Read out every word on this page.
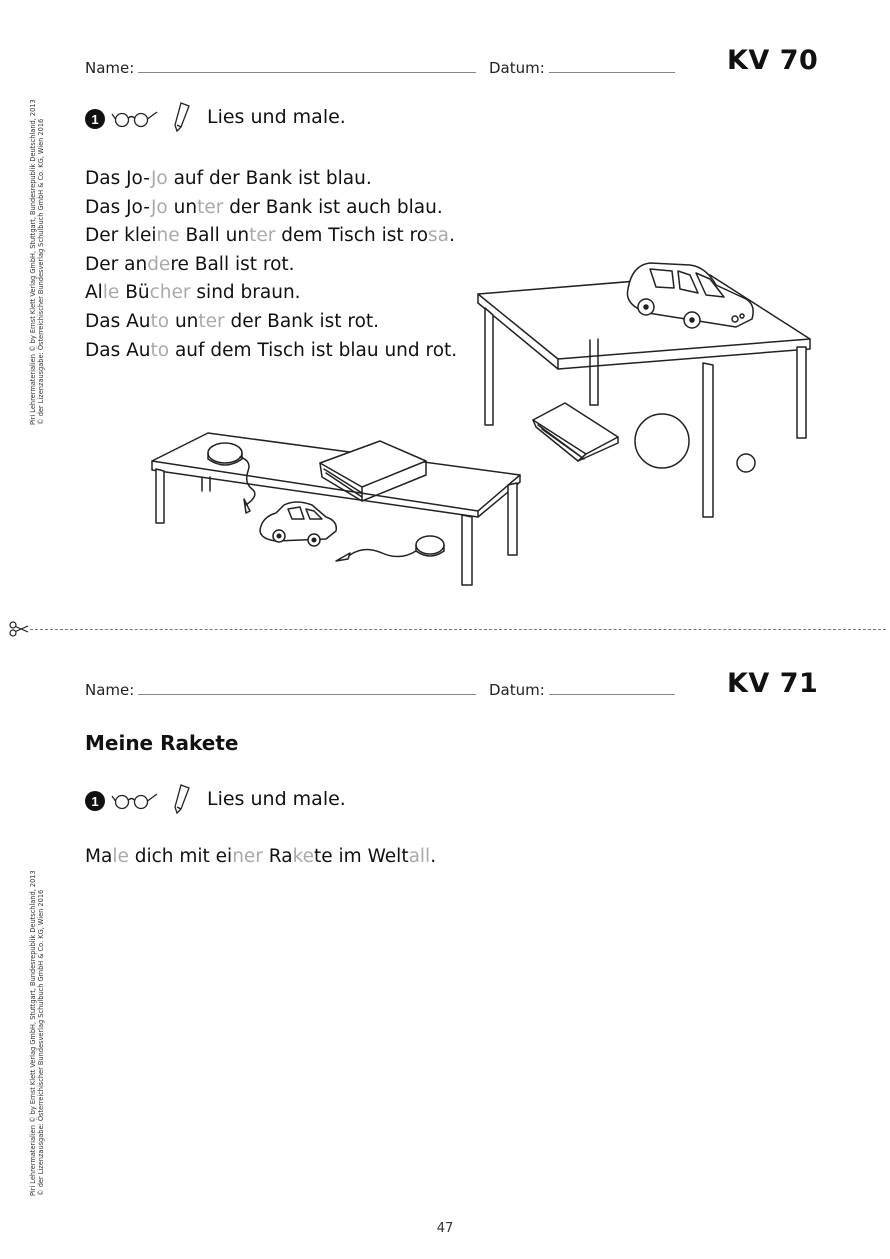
Name:	Datum:	KV 70
1	Lies und male.
Das Jo-Jo auf der Bank ist blau.
Das Jo-Jo unter der Bank ist auch blau.
Der kleine Ball unter dem Tisch ist rosa.
Der andere Ball ist rot.
Alle Bücher sind braun.
Das Auto unter der Bank ist rot.
Das Auto auf dem Tisch ist blau und rot.
Name:	Datum:	KV 71
Meine Rakete
1	Lies und male.
Male dich mit einer Rakete im Weltall.
Piri Lehrermaterialien © by Ernst Klett Verlag GmbH, Stuttgart, Bundesrepublik Deutschland, 2013 © der Lizenzausgabe: Österreichischer Bundesverlag Schulbuch GmbH & Co. KG, Wien 2016
Piri Lehrermaterialien © by Ernst Klett Verlag GmbH, Stuttgart, Bundesrepublik Deutschland, 2013 © der Lizenzausgabe: Österreichischer Bundesverlag Schulbuch GmbH & Co. KG, Wien 2016
47
